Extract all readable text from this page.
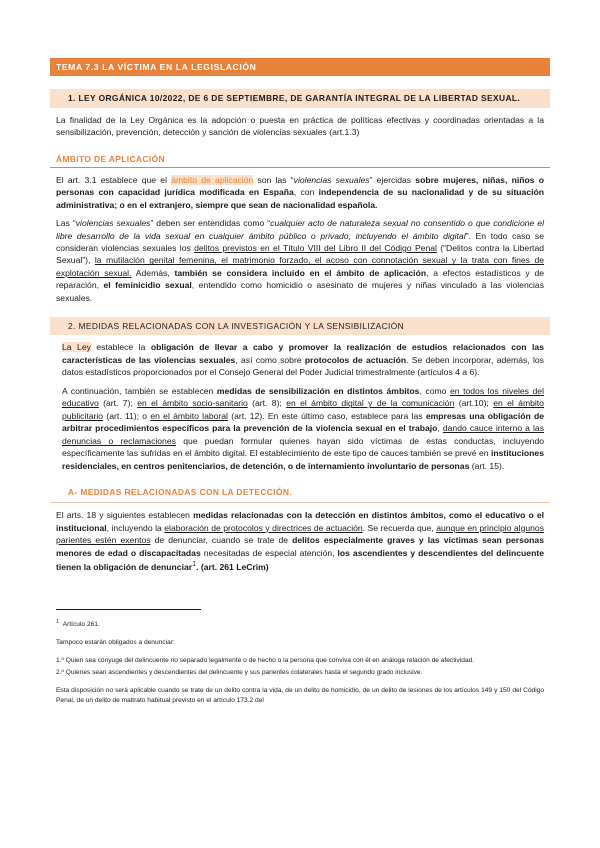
TEMA 7.3 LA VÍCTIMA EN LA LEGISLACIÓN
1. LEY ORGÁNICA 10/2022, DE 6 DE SEPTIEMBRE, DE GARANTÍA INTEGRAL DE LA LIBERTAD SEXUAL.

La finalidad de la Ley Orgánica es la adopción o puesta en práctica de políticas efectivas y coordinadas orientadas a la sensibilización, prevención, detección y sanción de violencias sexuales (art.1.3)

ÁMBITO DE APLICACIÓN

El art. 3.1 establece que el ámbito de aplicación son las “violencias sexuales” ejercidas sobre mujeres, niñas, niños o personas con capacidad jurídica modificada en España, con independencia de su nacionalidad y de su situación administrativa; o en el extranjero, siempre que sean de nacionalidad española.

Las “violencias sexuales” deben ser entendidas como “cualquier acto de naturaleza sexual no consentido o que condicione el libre desarrollo de la vida sexual en cualquier ámbito público o privado, incluyendo el ámbito digital”. En todo caso se consideran violencias sexuales los delitos previstos en el Título VIII del Libro II del Código Penal (“Delitos contra la Libertad Sexual”), la mutilación genital femenina, el matrimonio forzado, el acoso con connotación sexual y la trata con fines de explotación sexual. Además, también se considera incluido en el ámbito de aplicación, a efectos estadísticos y de reparación, el feminicidio sexual, entendido como homicidio o asesinato de mujeres y niñas vinculado a las violencias sexuales.

2. MEDIDAS RELACIONADAS CON LA INVESTIGACIÓN Y LA SENSIBILIZACIÓN

La Ley establece la obligación de llevar a cabo y promover la realización de estudios relacionados con las características de las violencias sexuales, así como sobre protocolos de actuación. Se deben incorporar, además, los datos estadísticos proporcionados por el Consejo General del Poder Judicial trimestralmente (artículos 4 a 6).

A continuación, también se establecen medidas de sensibilización en distintos ámbitos, como en todos los niveles del educativo (art. 7); en el ámbito socio-sanitario (art. 8); en el ámbito digital y de la comunicación (art.10); en el ámbito publicitario (art. 11); o en el ámbito laboral (art. 12). En este último caso, establece para las empresas una obligación de arbitrar procedimientos específicos para la prevención de la violencia sexual en el trabajo, dando cauce interno a las denuncias o reclamaciones que puedan formular quienes hayan sido víctimas de estas conductas, incluyendo específicamente las sufridas en el ámbito digital. El establecimiento de este tipo de cauces también se prevé en instituciones residenciales, en centros penitenciarios, de detención, o de internamiento involuntario de personas (art. 15).

A- MEDIDAS RELACIONADAS CON LA DETECCIÓN.

El arts. 18 y siguientes establecen medidas relacionadas con la detección en distintos ámbitos, como el educativo o el institucional, incluyendo la elaboración de protocolos y directrices de actuación. Se recuerda que, aunque en principio algunos parientes estén exentos de denunciar, cuando se trate de delitos especialmente graves y las víctimas sean personas menores de edad o discapacitadas necesitadas de especial atención, los ascendientes y descendientes del delincuente tienen la obligación de denunciar$^1$. (art. 261 LeCrim)

$^1$ Artículo 261.
Tampoco estarán obligados a denunciar:
1.º Quien sea cónyuge del delincuente no separado legalmente o de hecho o la persona que conviva con él en análoga relación de afectividad.
2.º Quienes sean ascendientes y descendientes del delincuente y sus parientes colaterales hasta el segundo grado inclusive.
Esta disposición no será aplicable cuando se trate de un delito contra la vida, de un delito de homicidio, de un delito de lesiones de los artículos 149 y 150 del Código Penal, de un delito de maltrato habitual previsto en el artículo 173.2 del
